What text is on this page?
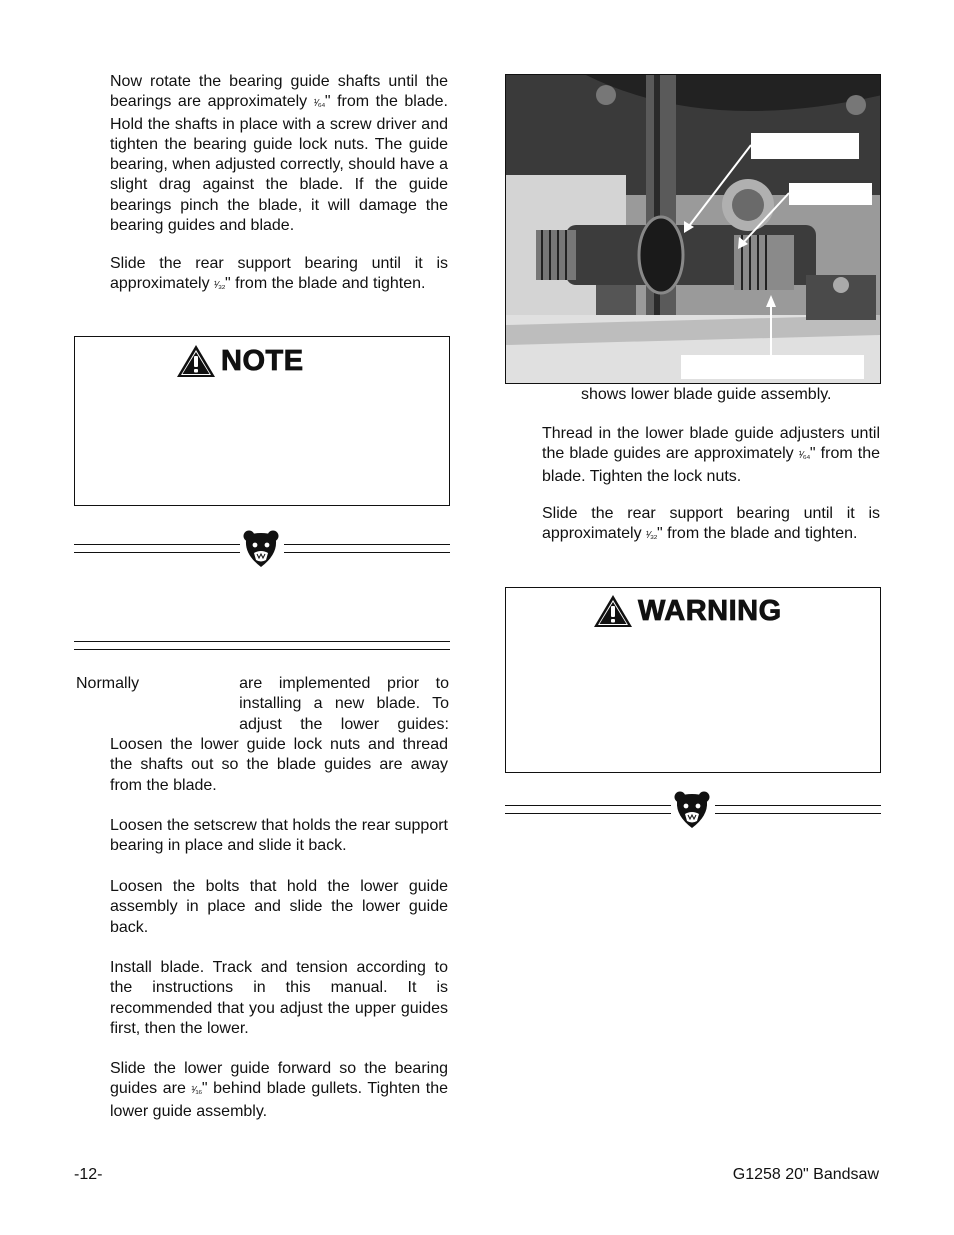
Now rotate the bearing guide shafts until the bearings are approximately ¹⁄₆₄" from the blade. Hold the shafts in place with a screw driver and tighten the bearing guide lock nuts. The guide bearing, when adjusted correctly, should have a slight drag against the blade. If the guide bearings pinch the blade, it will damage the bearing guides and blade.

Slide the rear support bearing until it is approximately ¹⁄₃₂" from the blade and tighten.

NOTE
Normally	are implemented prior to installing a new blade. To adjust the lower guides:

Loosen the lower guide lock nuts and thread the shafts out so the blade guides are away from the blade.

Loosen the setscrew that holds the rear support bearing in place and slide it back.

Loosen the bolts that hold the lower guide assembly in place and slide the lower guide back.

Install blade. Track and tension according to the instructions in this manual. It is recommended that you adjust the upper guides first, then the lower.

Slide the lower guide forward so the bearing guides are ¹⁄₁₆" behind blade gullets. Tighten the lower guide assembly.

shows lower blade guide assembly.

Thread in the lower blade guide adjusters until the blade guides are approximately ¹⁄₆₄" from the blade. Tighten the lock nuts.

Slide the rear support bearing until it is approximately ¹⁄₃₂" from the blade and tighten.

WARNING
-12-	G1258 20" Bandsaw
